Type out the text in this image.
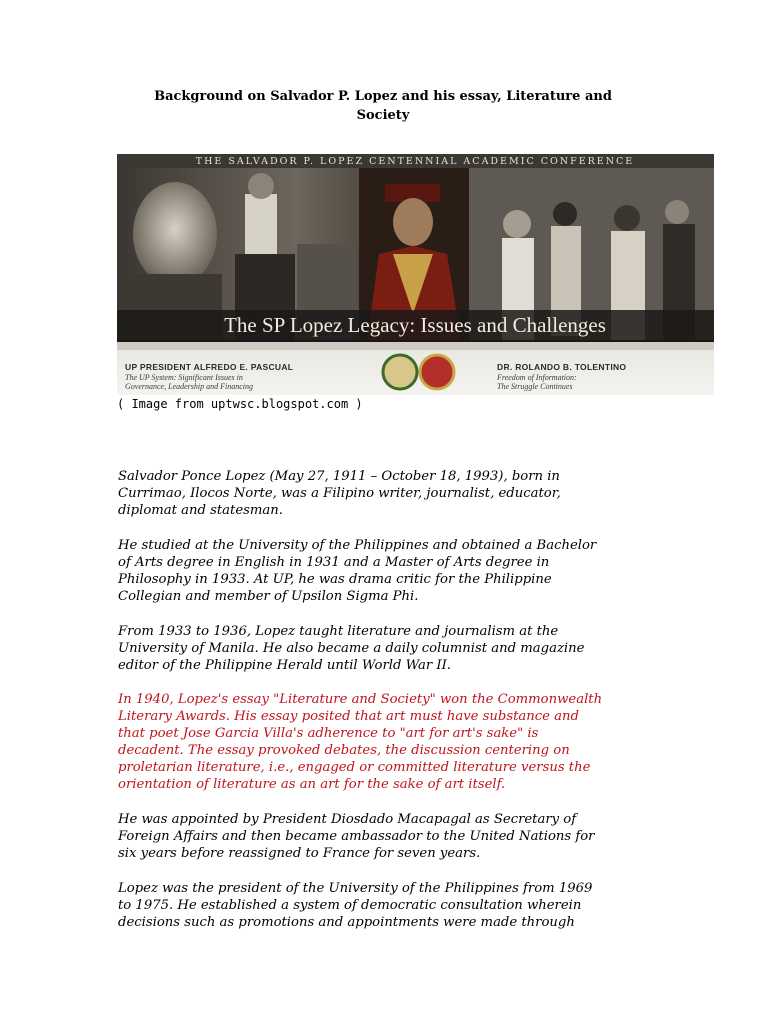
Background on Salvador P. Lopez and his essay, Literature and
Society
THE SALVADOR P. LOPEZ CENTENNIAL ACADEMIC CONFERENCE
The SP Lopez Legacy: Issues and Challenges
UP PRESIDENT ALFREDO E. PASCUAL
The UP System: Significant Issues in
Governance, Leadership and Financing
DR. ROLANDO B. TOLENTINO
Freedom of Information:
The Struggle Continues
( Image from uptwsc.blogspot.com )
Salvador Ponce Lopez (May 27, 1911 – October 18, 1993), born in
Currimao, Ilocos Norte, was a Filipino writer, journalist, educator,
diplomat and statesman.
He studied at the University of the Philippines and obtained a Bachelor
of Arts degree in English in 1931 and a Master of Arts degree in
Philosophy in 1933. At UP, he was drama critic for the Philippine
Collegian and member of Upsilon Sigma Phi.
From 1933 to 1936, Lopez taught literature and journalism at the
University of Manila. He also became a daily columnist and magazine
editor of the Philippine Herald until World War II.
In 1940, Lopez's essay "Literature and Society" won the Commonwealth
Literary Awards. His essay posited that art must have substance and
that poet Jose Garcia Villa's adherence to "art for art's sake" is
decadent. The essay provoked debates, the discussion centering on
proletarian literature, i.e., engaged or committed literature versus the
orientation of literature as an art for the sake of art itself.
He was appointed by President Diosdado Macapagal as Secretary of
Foreign Affairs and then became ambassador to the United Nations for
six years before reassigned to France for seven years.
Lopez was the president of the University of the Philippines from 1969
to 1975. He established a system of democratic consultation wherein
decisions such as promotions and appointments were made through
